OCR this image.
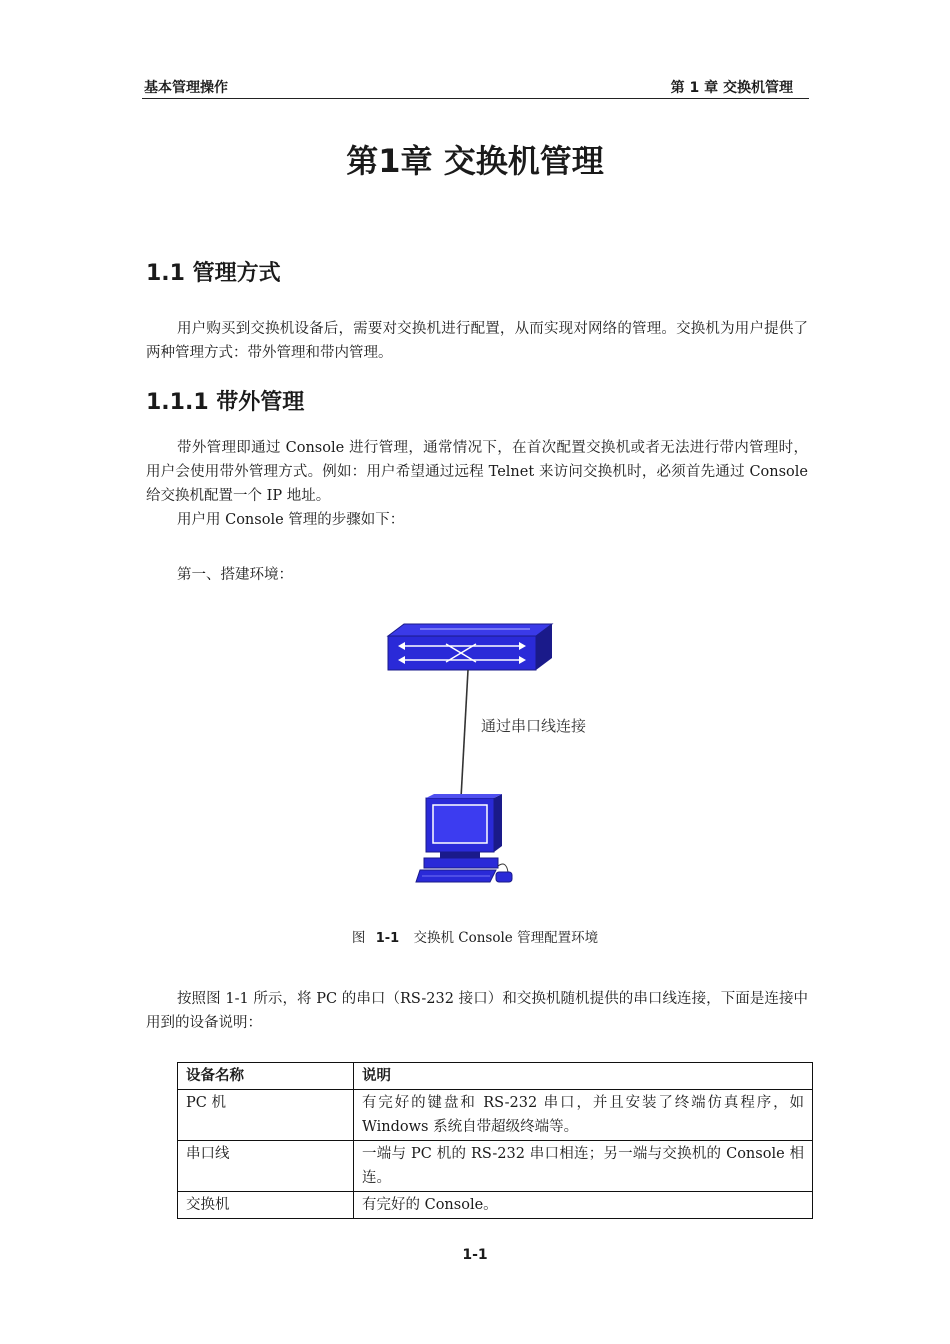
基本管理操作	第 1 章 交换机管理
第1章 交换机管理
1.1 管理方式
用户购买到交换机设备后，需要对交换机进行配置，从而实现对网络的管理。交换机为用户提供了两种管理方式：带外管理和带内管理。
1.1.1 带外管理
带外管理即通过 Console 进行管理，通常情况下，在首次配置交换机或者无法进行带内管理时，用户会使用带外管理方式。例如：用户希望通过远程 Telnet 来访问交换机时，必须首先通过 Console 给交换机配置一个 IP 地址。
用户用 Console 管理的步骤如下：
第一、搭建环境：
通过串口线连接
图 1-1 交换机 Console 管理配置环境
按照图 1-1 所示，将 PC 的串口（RS-232 接口）和交换机随机提供的串口线连接，下面是连接中用到的设备说明：
设备名称	说明
PC 机	有完好的键盘和 RS-232 串口，并且安装了终端仿真程序，如 Windows 系统自带超级终端等。
串口线	一端与 PC 机的 RS-232 串口相连；另一端与交换机的 Console 相连。
交换机	有完好的 Console。
1-1
